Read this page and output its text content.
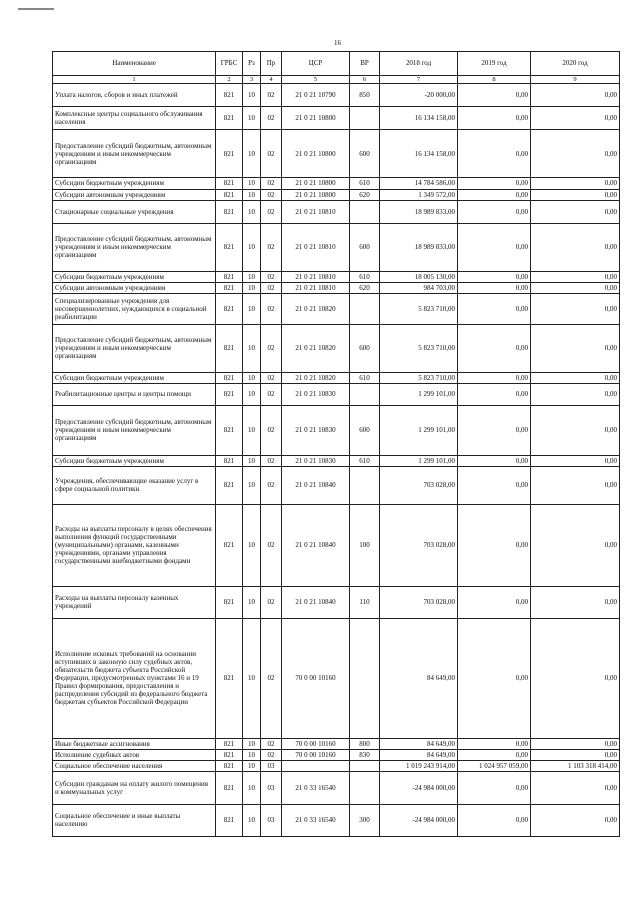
16
Наименование	ГРБС	Рз	Пр	ЦСР	ВР	2018 год	2019 год	2020 год
1	2	3	4	5	6	7	8	9
Уплата налогов, сборов и иных платежей	821	10	02	21 0 21 10790	850	-20 000,00	0,00	0,00
Комплексные центры социального обслуживания населения	821	10	02	21 0 21 10800		16 134 158,00	0,00	0,00
Предоставление субсидий бюджетным, автономным учреждениям и иным некоммерческим организациям	821	10	02	21 0 21 10800	600	16 134 158,00	0,00	0,00
Субсидии бюджетным учреждениям	821	10	02	21 0 21 10800	610	14 784 586,00	0,00	0,00
Субсидии автономным учреждениям	821	10	02	21 0 21 10800	620	1 349 572,00	0,00	0,00
Стационарные социальные учреждения	821	10	02	21 0 21 10810		18 989 833,00	0,00	0,00
Предоставление субсидий бюджетным, автономным учреждениям и иным некоммерческим организациям	821	10	02	21 0 21 10810	600	18 989 833,00	0,00	0,00
Субсидии бюджетным учреждениям	821	10	02	21 0 21 10810	610	18 005 130,00	0,00	0,00
Субсидии автономным учреждениям	821	10	02	21 0 21 10810	620	984 703,00	0,00	0,00
Специализированные учреждения для несовершеннолетних, нуждающихся в социальной реабилитации	821	10	02	21 0 21 10820		5 823 710,00	0,00	0,00
Предоставление субсидий бюджетным, автономным учреждениям и иным некоммерческим организациям	821	10	02	21 0 21 10820	600	5 823 710,00	0,00	0,00
Субсидии бюджетным учреждениям	821	10	02	21 0 21 10820	610	5 823 710,00	0,00	0,00
Реабилитационные центры и центры помощи	821	10	02	21 0 21 10830		1 299 101,00	0,00	0,00
Предоставление субсидий бюджетным, автономным учреждениям и иным некоммерческим организациям	821	10	02	21 0 21 10830	600	1 299 101,00	0,00	0,00
Субсидии бюджетным учреждениям	821	10	02	21 0 21 10830	610	1 299 101,00	0,00	0,00
Учреждения, обеспечивающие оказание услуг в сфере социальной политики	821	10	02	21 0 21 10840		703 028,00	0,00	0,00
Расходы на выплаты персоналу в целях обеспечения выполнения функций государственными (муниципальными) органами, казенными учреждениями, органами управления государственными внебюджетными фондами	821	10	02	21 0 21 10840	100	703 028,00	0,00	0,00
Расходы на выплаты персоналу казенных учреждений	821	10	02	21 0 21 10840	110	703 028,00	0,00	0,00
Исполнение исковых требований на основании вступивших в законную силу судебных актов, обязательств бюджета субъекта Российской Федерации, предусмотренных пунктами 16 и 19 Правил формирования, предоставления и распределения субсидий из федерального бюджета бюджетам субъектов Российской Федерации	821	10	02	70 0 00 10160		84 649,00	0,00	0,00
Иные бюджетные ассигнования	821	10	02	70 0 00 10160	800	84 649,00	0,00	0,00
Исполнение судебных актов	821	10	02	70 0 00 10160	830	84 649,00	0,00	0,00
Социальное обеспечение населения	821	10	03			1 019 243 914,00	1 024 957 059,00	1 103 318 414,00
Субсидии гражданам на оплату жилого помещения и коммунальных услуг	821	10	03	21 0 33 16540		-24 984 000,00	0,00	0,00
Социальное обеспечение и иные выплаты населению	821	10	03	21 0 33 16540	300	-24 984 000,00	0,00	0,00
